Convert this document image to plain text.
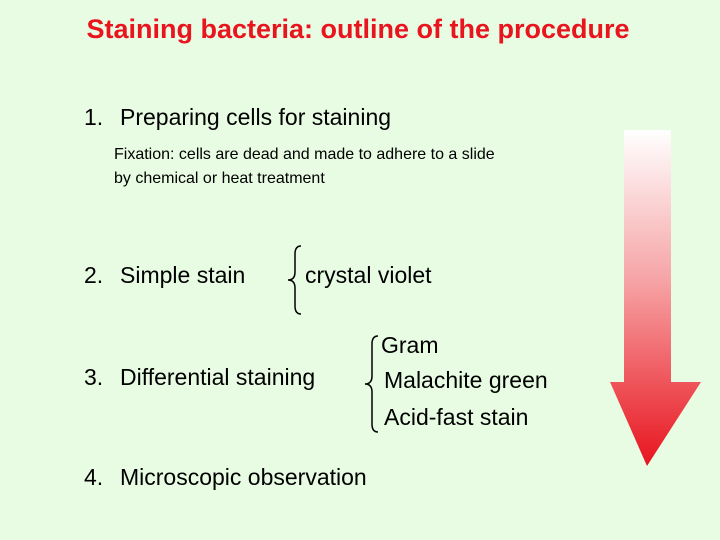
Staining bacteria: outline of the procedure
1. Preparing cells for staining
Fixation: cells are dead and made to adhere to a slide
by chemical or heat treatment
2. Simple stain	crystal violet
3. Differential staining
Gram
Malachite green
Acid-fast stain
4. Microscopic observation
